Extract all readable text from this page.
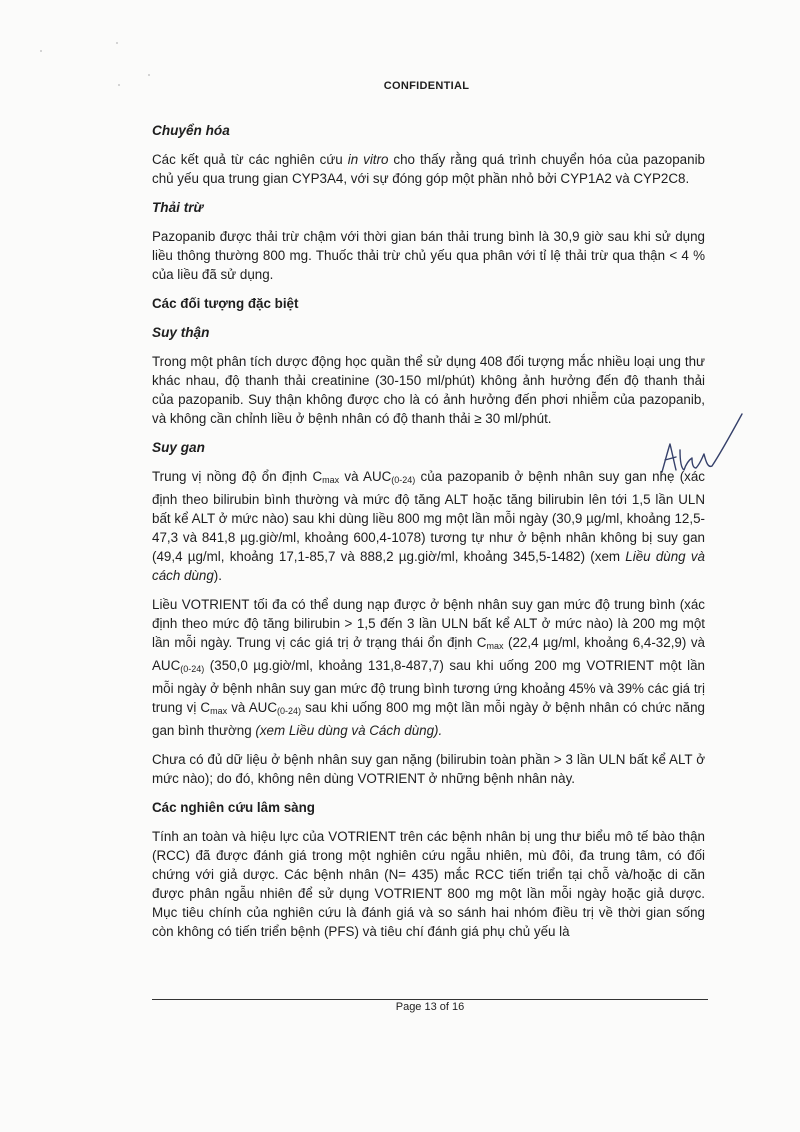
CONFIDENTIAL
Chuyển hóa

Các kết quả từ các nghiên cứu in vitro cho thấy rằng quá trình chuyển hóa của pazopanib chủ yếu qua trung gian CYP3A4, với sự đóng góp một phần nhỏ bởi CYP1A2 và CYP2C8.

Thải trừ

Pazopanib được thải trừ chậm với thời gian bán thải trung bình là 30,9 giờ sau khi sử dụng liều thông thường 800 mg. Thuốc thải trừ chủ yếu qua phân với tỉ lệ thải trừ qua thận < 4 % của liều đã sử dụng.

Các đối tượng đặc biệt
Suy thận

Trong một phân tích dược động học quần thể sử dụng 408 đối tượng mắc nhiều loại ung thư khác nhau, độ thanh thải creatinine (30-150 ml/phút) không ảnh hưởng đến độ thanh thải của pazopanib. Suy thận không được cho là có ảnh hưởng đến phơi nhiễm của pazopanib, và không cần chỉnh liều ở bệnh nhân có độ thanh thải ≥ 30 ml/phút.

Suy gan

Trung vị nồng độ ổn định $C_{max}$ và $AUC_{(0-24)}$ của pazopanib ở bệnh nhân suy gan nhẹ (xác định theo bilirubin bình thường và mức độ tăng ALT hoặc tăng bilirubin lên tới 1,5 lần ULN bất kể ALT ở mức nào) sau khi dùng liều 800 mg một lần mỗi ngày (30,9 µg/ml, khoảng 12,5-47,3 và 841,8 µg.giờ/ml, khoảng 600,4-1078) tương tự như ở bệnh nhân không bị suy gan (49,4 µg/ml, khoảng 17,1-85,7 và 888,2 µg.giờ/ml, khoảng 345,5-1482) (xem Liều dùng và cách dùng).

Liều VOTRIENT tối đa có thể dung nạp được ở bệnh nhân suy gan mức độ trung bình (xác định theo mức độ tăng bilirubin > 1,5 đến 3 lần ULN bất kể ALT ở mức nào) là 200 mg một lần mỗi ngày. Trung vị các giá trị ở trạng thái ổn định $C_{max}$ (22,4 µg/ml, khoảng 6,4-32,9) và $AUC_{(0-24)}$ (350,0 µg.giờ/ml, khoảng 131,8-487,7) sau khi uống 200 mg VOTRIENT một lần mỗi ngày ở bệnh nhân suy gan mức độ trung bình tương ứng khoảng 45% và 39% các giá trị trung vị $C_{max}$ và $AUC_{(0-24)}$ sau khi uống 800 mg một lần mỗi ngày ở bệnh nhân có chức năng gan bình thường (xem Liều dùng và Cách dùng).

Chưa có đủ dữ liệu ở bệnh nhân suy gan nặng (bilirubin toàn phần > 3 lần ULN bất kể ALT ở mức nào); do đó, không nên dùng VOTRIENT ở những bệnh nhân này.

Các nghiên cứu lâm sàng

Tính an toàn và hiệu lực của VOTRIENT trên các bệnh nhân bị ung thư biểu mô tế bào thận (RCC) đã được đánh giá trong một nghiên cứu ngẫu nhiên, mù đôi, đa trung tâm, có đối chứng với giả dược. Các bệnh nhân (N= 435) mắc RCC tiến triển tại chỗ và/hoặc di căn được phân ngẫu nhiên để sử dụng VOTRIENT 800 mg một lần mỗi ngày hoặc giả dược. Mục tiêu chính của nghiên cứu là đánh giá và so sánh hai nhóm điều trị về thời gian sống còn không có tiến triển bệnh (PFS) và tiêu chí đánh giá phụ chủ yếu là

Page 13 of 16
